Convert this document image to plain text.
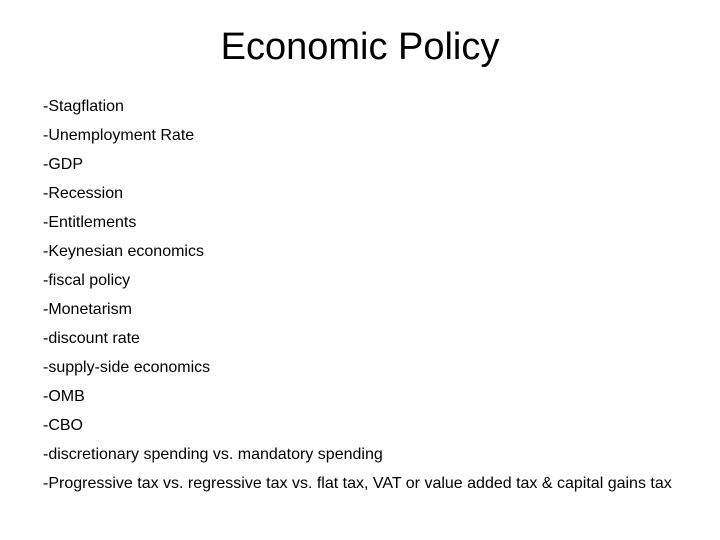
Economic Policy
-Stagflation
-Unemployment Rate
-GDP
-Recession
-Entitlements
-Keynesian economics
-fiscal policy
-Monetarism
-discount rate
-supply-side economics
-OMB
-CBO
-discretionary spending vs. mandatory spending
-Progressive tax vs. regressive tax vs. flat tax, VAT or value added tax & capital gains tax
